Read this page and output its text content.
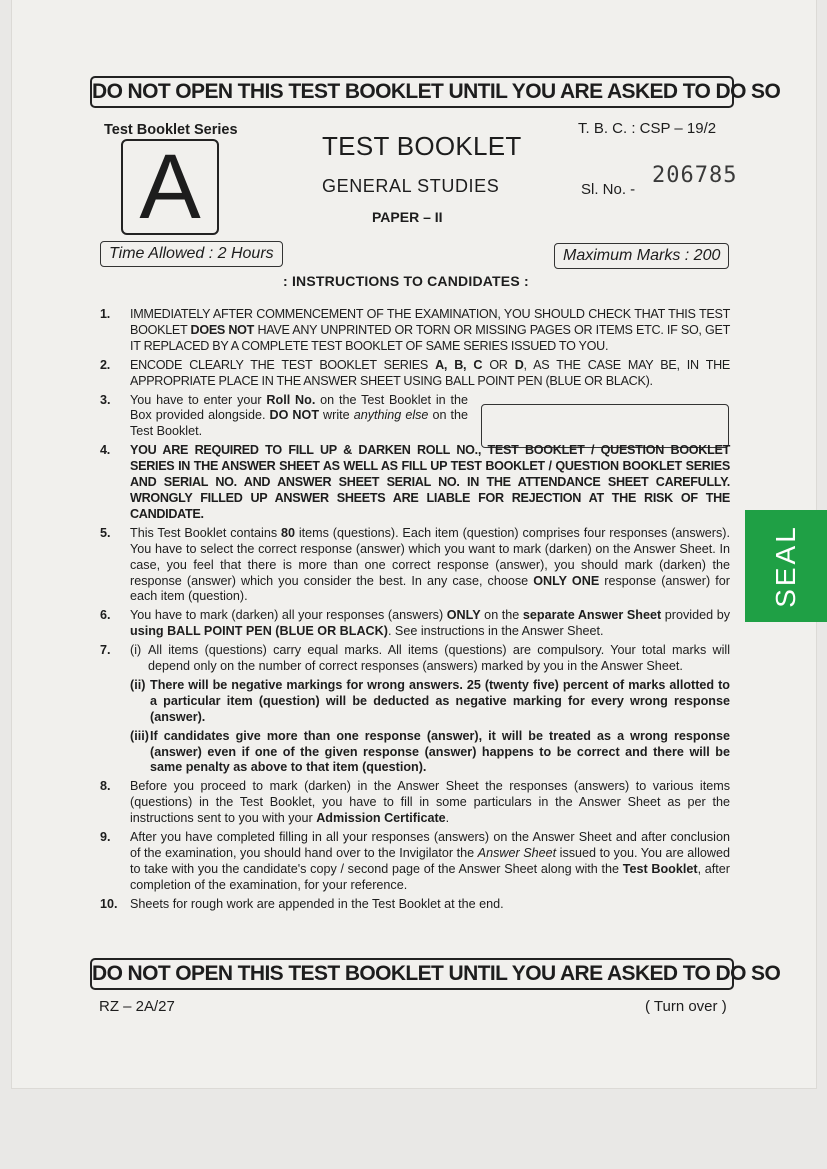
DO NOT OPEN THIS TEST BOOKLET UNTIL YOU ARE ASKED TO DO SO
Test Booklet Series
A	TEST BOOKLET
GENERAL STUDIES
PAPER – II
T. B. C. : CSP – 19/2
Sl. No. -
206785
Time Allowed : 2 Hours	Maximum Marks : 200
: INSTRUCTIONS TO CANDIDATES :
1. IMMEDIATELY AFTER COMMENCEMENT OF THE EXAMINATION, YOU SHOULD CHECK THAT THIS TEST BOOKLET DOES NOT HAVE ANY UNPRINTED OR TORN OR MISSING PAGES OR ITEMS ETC. IF SO, GET IT REPLACED BY A COMPLETE TEST BOOKLET OF SAME SERIES ISSUED TO YOU.
2. ENCODE CLEARLY THE TEST BOOKLET SERIES A, B, C OR D, AS THE CASE MAY BE, IN THE APPROPRIATE PLACE IN THE ANSWER SHEET USING BALL POINT PEN (BLUE OR BLACK).
3. You have to enter your Roll No. on the Test Booklet in the Box provided alongside. DO NOT write anything else on the Test Booklet.
4. YOU ARE REQUIRED TO FILL UP & DARKEN ROLL NO., TEST BOOKLET / QUESTION BOOKLET SERIES IN THE ANSWER SHEET AS WELL AS FILL UP TEST BOOKLET / QUESTION BOOKLET SERIES AND SERIAL NO. AND ANSWER SHEET SERIAL NO. IN THE ATTENDANCE SHEET CAREFULLY. WRONGLY FILLED UP ANSWER SHEETS ARE LIABLE FOR REJECTION AT THE RISK OF THE CANDIDATE.
5. This Test Booklet contains 80 items (questions). Each item (question) comprises four responses (answers). You have to select the correct response (answer) which you want to mark (darken) on the Answer Sheet. In case, you feel that there is more than one correct response (answer), you should mark (darken) the response (answer) which you consider the best. In any case, choose ONLY ONE response (answer) for each item (question).
6. You have to mark (darken) all your responses (answers) ONLY on the separate Answer Sheet provided by using BALL POINT PEN (BLUE OR BLACK). See instructions in the Answer Sheet.
7. (i) All items (questions) carry equal marks. All items (questions) are compulsory. Your total marks will depend only on the number of correct responses (answers) marked by you in the Answer Sheet.
(ii) There will be negative markings for wrong answers. 25 (twenty five) percent of marks allotted to a particular item (question) will be deducted as negative marking for every wrong response (answer).
(iii) If candidates give more than one response (answer), it will be treated as a wrong response (answer) even if one of the given response (answer) happens to be correct and there will be same penalty as above to that item (question).
8. Before you proceed to mark (darken) in the Answer Sheet the responses (answers) to various items (questions) in the Test Booklet, you have to fill in some particulars in the Answer Sheet as per the instructions sent to you with your Admission Certificate.
9. After you have completed filling in all your responses (answers) on the Answer Sheet and after conclusion of the examination, you should hand over to the Invigilator the Answer Sheet issued to you. You are allowed to take with you the candidate's copy / second page of the Answer Sheet along with the Test Booklet, after completion of the examination, for your reference.
10. Sheets for rough work are appended in the Test Booklet at the end.
DO NOT OPEN THIS TEST BOOKLET UNTIL YOU ARE ASKED TO DO SO
RZ – 2A/27	( Turn over )
SEAL
